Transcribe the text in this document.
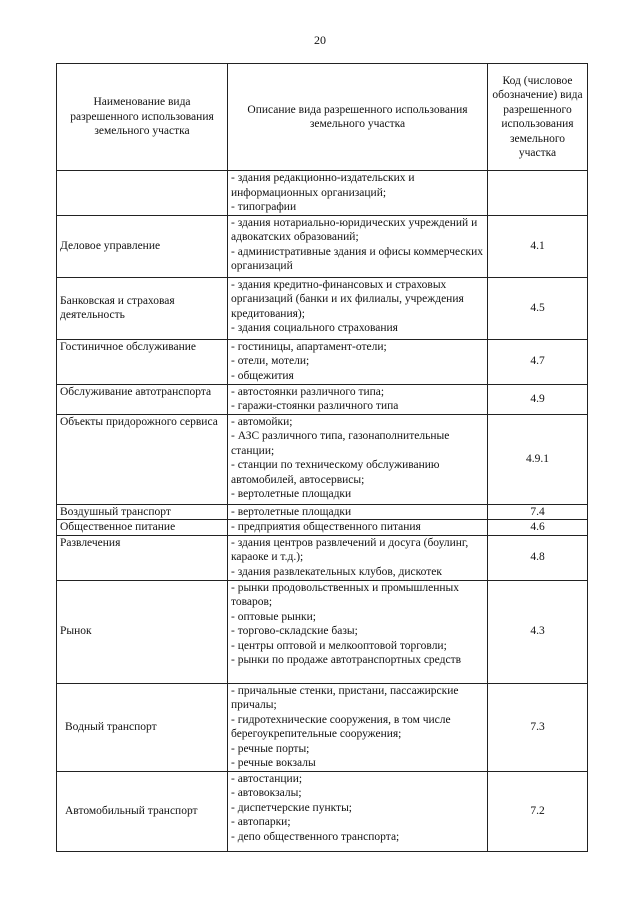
20
Наименование вида разрешенного использования земельного участка	Описание вида разрешенного использования земельного участка	Код (числовое обозначение) вида разрешенного использования земельного участка

	- здания редакционно-издательских и информационных организаций;
- типографии	

Деловое управление	- здания нотариально-юридических учреждений и адвокатских образований;
- административные здания и офисы коммерческих организаций	4.1
Банковская и страховая деятельность	- здания кредитно-финансовых и страховых организаций (банки и их филиалы, учреждения кредитования);
- здания социального страхования	4.5
Гостиничное обслуживание	- гостиницы, апартамент-отели;
- отели, мотели;
- общежития	4.7
Обслуживание автотранспорта	- автостоянки различного типа;
- гаражи-стоянки различного типа	4.9
Объекты придорожного сервиса	- автомойки;
- АЗС различного типа, газонаполнительные станции;
- станции по техническому обслуживанию автомобилей, автосервисы;
- вертолетные площадки	4.9.1
Воздушный транспорт	- вертолетные площадки	7.4
Общественное питание	- предприятия общественного питания	4.6
Развлечения	- здания центров развлечений и досуга (боулинг, караоке и т.д.);
- здания развлекательных клубов, дискотек	4.8
Рынок	- рынки продовольственных и промышленных товаров;
- оптовые рынки;
- торгово-складские базы;
- центры оптовой и мелкооптовой торговли;
- рынки по продаже автотранспортных средств	4.3
Водный транспорт	- причальные стенки, пристани, пассажирские причалы;
- гидротехнические сооружения, в том числе берегоукрепительные сооружения;
- речные порты;
- речные вокзалы	7.3
Автомобильный транспорт	- автостанции;
- автовокзалы;
- диспетчерские пункты;
- автопарки;
- депо общественного транспорта;	7.2
